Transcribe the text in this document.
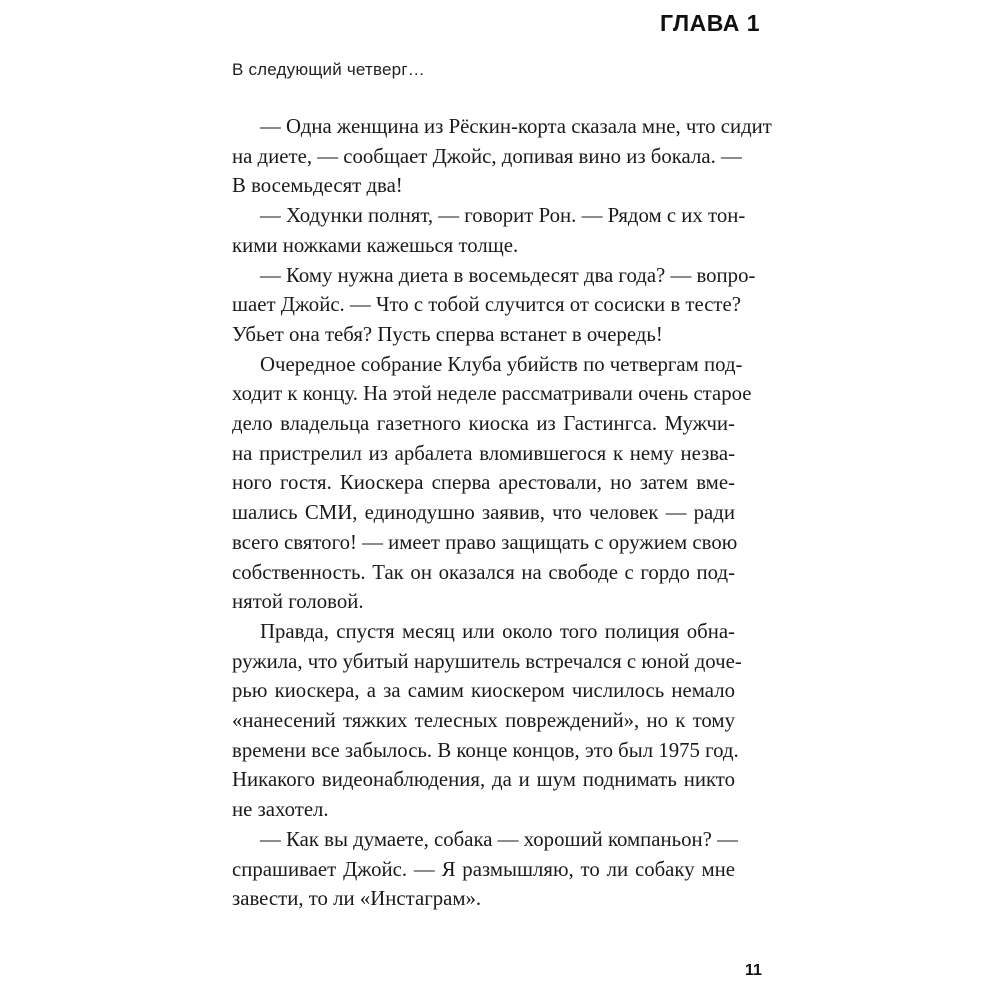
ГЛАВА 1
В следующий четверг…

— Одна женщина из Рёскин-корта сказала мне, что сидит
на диете, — сообщает Джойс, допивая вино из бокала. —
В восемьдесят два!

— Ходунки полнят, — говорит Рон. — Рядом с их тон-
кими ножками кажешься толще.

— Кому нужна диета в восемьдесят два года? — вопро-
шает Джойс. — Что с тобой случится от сосиски в тесте?
Убьет она тебя? Пусть сперва встанет в очередь!

Очередное собрание Клуба убийств по четвергам под-
ходит к концу. На этой неделе рассматривали очень старое
дело владельца газетного киоска из Гастингса. Мужчи-
на пристрелил из арбалета вломившегося к нему незва-
ного гостя. Киоскера сперва арестовали, но затем вме-
шались СМИ, единодушно заявив, что человек — ради
всего святого! — имеет право защищать с оружием свою
собственность. Так он оказался на свободе с гордо под-
нятой головой.

Правда, спустя месяц или около того полиция обна-
ружила, что убитый нарушитель встречался с юной доче-
рью киоскера, а за самим киоскером числилось немало
«нанесений тяжких телесных повреждений», но к тому
времени все забылось. В конце концов, это был 1975 год.
Никакого видеонаблюдения, да и шум поднимать никто
не захотел.

— Как вы думаете, собака — хороший компаньон? —
спрашивает Джойс. — Я размышляю, то ли собаку мне
завести, то ли «Инстаграм».

11
